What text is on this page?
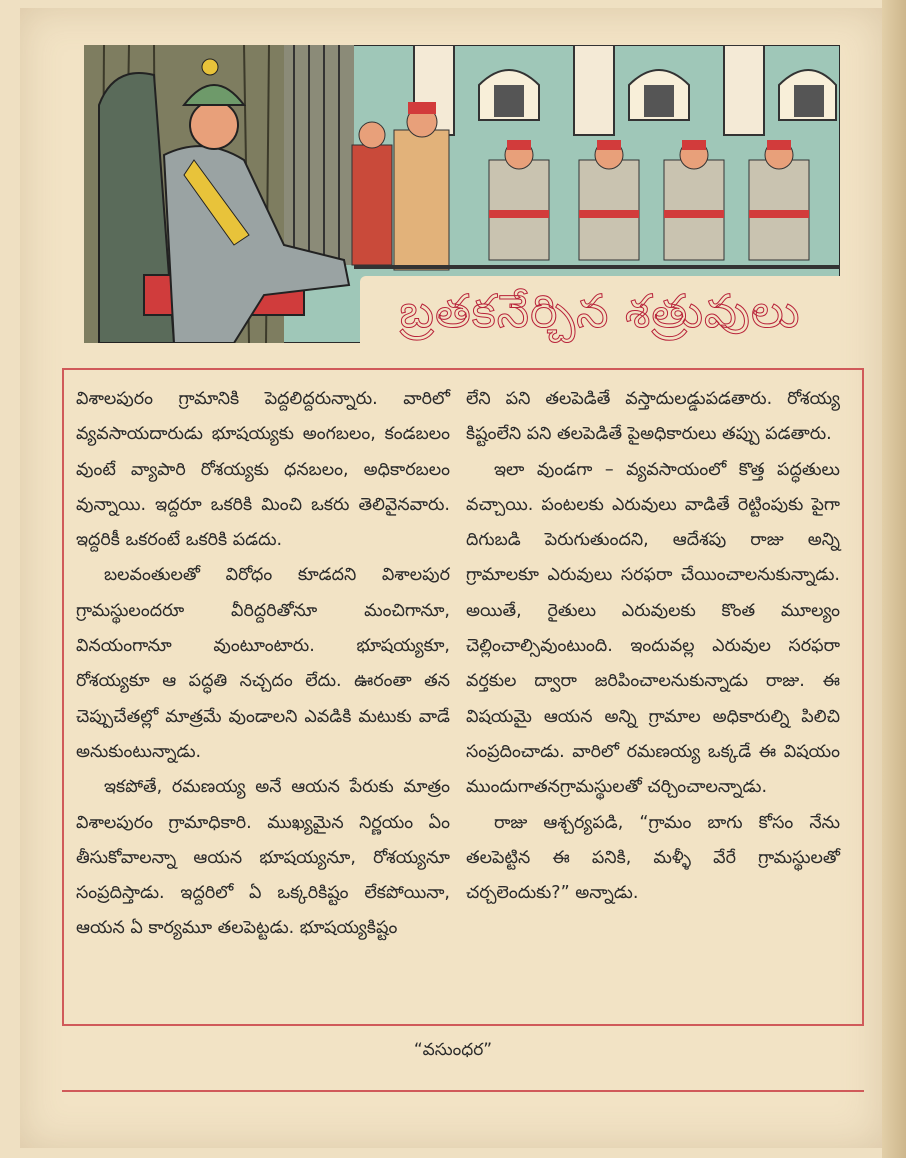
బ్రతకనేర్చిన శత్రువులు

విశాలపురం గ్రామానికి పెద్దలిద్దరున్నారు. వారిలో వ్యవసాయదారుడు భూషయ్యకు అంగబలం, కండబలం వుంటే వ్యాపారి రోశయ్యకు ధనబలం, అధికారబలం వున్నాయి. ఇద్దరూ ఒకరికి మించి ఒకరు తెలివైనవారు. ఇద్దరికీ ఒకరంటే ఒకరికి పడదు.

బలవంతులతో విరోధం కూడదని విశాలపుర గ్రామస్థులందరూ వీరిద్దరితోనూ మంచిగానూ, వినయంగానూ వుంటూంటారు. భూషయ్యకూ, రోశయ్యకూ ఆ పద్ధతి నచ్చదం లేదు. ఊరంతా తన చెప్పుచేతల్లో మాత్రమే వుండాలని ఎవడికి మటుకు వాడే అనుకుంటున్నాడు.

ఇకపోతే, రమణయ్య అనే ఆయన పేరుకు మాత్రం విశాలపురం గ్రామాధికారి. ముఖ్యమైన నిర్ణయం ఏం తీసుకోవాలన్నా ఆయన భూషయ్యనూ, రోశయ్యనూ సంప్రదిస్తాడు. ఇద్దరిలో ఏ ఒక్కరికిష్టం లేకపోయినా, ఆయన ఏ కార్యమూ తలపెట్టడు. భూషయ్యకిష్టం

లేని పని తలపెడితే వస్తాదులడ్డుపడతారు. రోశయ్య కిష్టంలేని పని తలపెడితే పైఅధికారులు తప్పు పడతారు.

ఇలా వుండగా – వ్యవసాయంలో కొత్త పద్ధతులు వచ్చాయి. పంటలకు ఎరువులు వాడితే రెట్టింపుకు పైగా దిగుబడి పెరుగుతుందని, ఆదేశపు రాజు అన్ని గ్రామాలకూ ఎరువులు సరఫరా చేయించాలనుకున్నాడు. అయితే, రైతులు ఎరువులకు కొంత మూల్యం చెల్లించాల్సివుంటుంది. ఇందువల్ల ఎరువుల సరఫరా వర్తకుల ద్వారా జరిపించాలనుకున్నాడు రాజు. ఈ విషయమై ఆయన అన్ని గ్రామాల అధికారుల్ని పిలిచి సంప్రదించాడు. వారిలో రమణయ్య ఒక్కడే ఈ విషయం ముందుగాతనగ్రామస్థులతో చర్చించాలన్నాడు.

రాజు ఆశ్చర్యపడి, “గ్రామం బాగు కోసం నేను తలపెట్టిన ఈ పనికి, మళ్ళీ వేరే గ్రామస్థులతో చర్చలెందుకు?” అన్నాడు.

“వసుంధర”
